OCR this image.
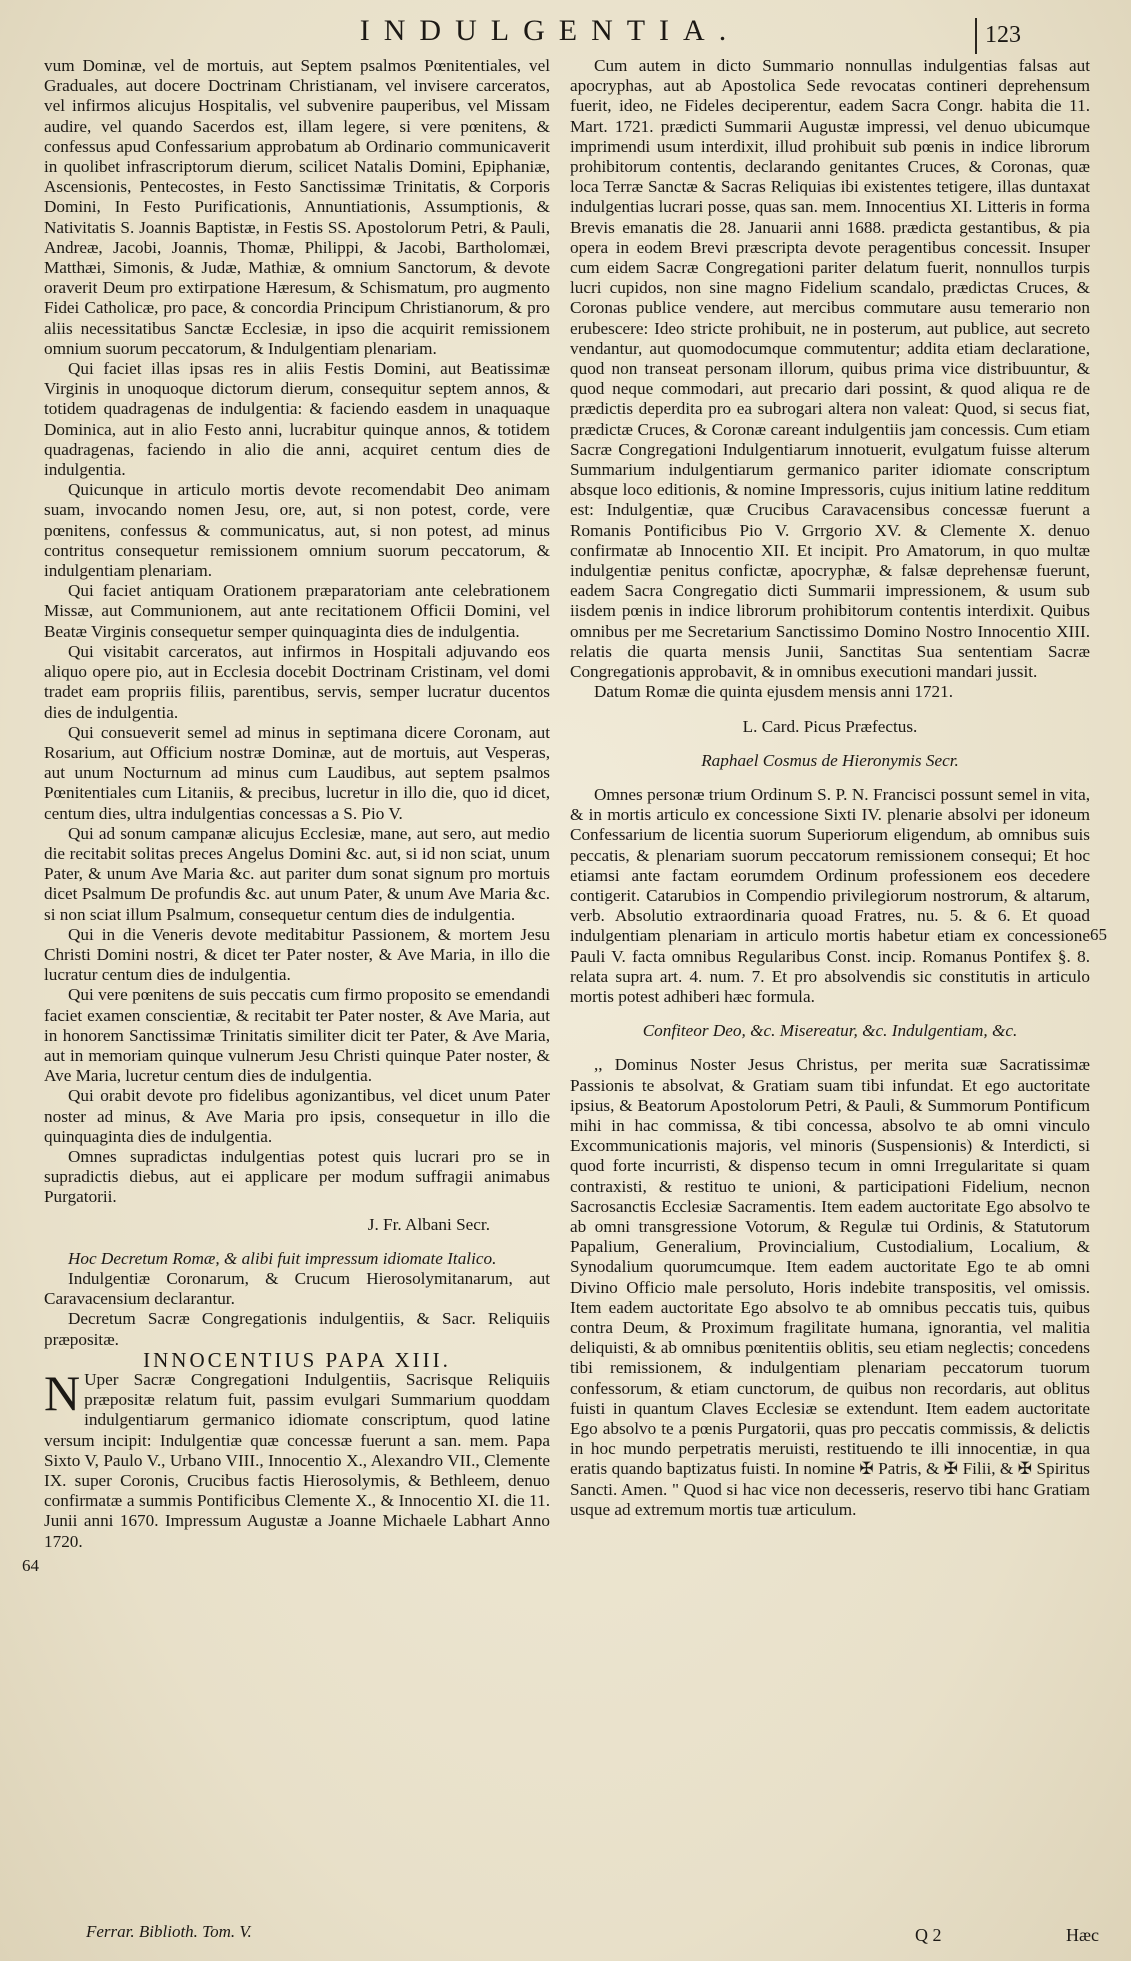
INDULGENTIA.	123

vum Dominæ, vel de mortuis, aut Septem psalmos Pœnitentiales, vel Graduales, aut docere Doctrinam Christianam, vel invisere carceratos, vel infirmos alicujus Hospitalis, vel subvenire pauperibus, vel Missam audire, vel quando Sacerdos est, illam legere, si vere pœnitens, & confessus apud Confessarium approbatum ab Ordinario communicaverit in quolibet infrascriptorum dierum, scilicet Natalis Domini, Epiphaniæ, Ascensionis, Pentecostes, in Festo Sanctissimæ Trinitatis, & Corporis Domini, In Festo Purificationis, Annuntiationis, Assumptionis, & Nativitatis S. Joannis Baptistæ, in Festis SS. Apostolorum Petri, & Pauli, Andreæ, Jacobi, Joannis, Thomæ, Philippi, & Jacobi, Bartholomæi, Matthæi, Simonis, & Judæ, Mathiæ, & omnium Sanctorum, & devote oraverit Deum pro extirpatione Hæresum, & Schismatum, pro augmento Fidei Catholicæ, pro pace, & concordia Principum Christianorum, & pro aliis necessitatibus Sanctæ Ecclesiæ, in ipso die acquirit remissionem omnium suorum peccatorum, & Indulgentiam plenariam.

Qui faciet illas ipsas res in aliis Festis Domini, aut Beatissimæ Virginis in unoquoque dictorum dierum, consequitur septem annos, & totidem quadragenas de indulgentia: & faciendo easdem in unaquaque Dominica, aut in alio Festo anni, lucrabitur quinque annos, & totidem quadragenas, faciendo in alio die anni, acquiret centum dies de indulgentia.

Quicunque in articulo mortis devote recomendabit Deo animam suam, invocando nomen Jesu, ore, aut, si non potest, corde, vere pœnitens, confessus & communicatus, aut, si non potest, ad minus contritus consequetur remissionem omnium suorum peccatorum, & indulgentiam plenariam.

Qui faciet antiquam Orationem præparatoriam ante celebrationem Missæ, aut Communionem, aut ante recitationem Officii Domini, vel Beatæ Virginis consequetur semper quinquaginta dies de indulgentia.

Qui visitabit carceratos, aut infirmos in Hospitali adjuvando eos aliquo opere pio, aut in Ecclesia docebit Doctrinam Cristinam, vel domi tradet eam propriis filiis, parentibus, servis, semper lucratur ducentos dies de indulgentia.

Qui consueverit semel ad minus in septimana dicere Coronam, aut Rosarium, aut Officium nostræ Dominæ, aut de mortuis, aut Vesperas, aut unum Nocturnum ad minus cum Laudibus, aut septem psalmos Pœnitentiales cum Litaniis, & precibus, lucretur in illo die, quo id dicet, centum dies, ultra indulgentias concessas a S. Pio V.

Qui ad sonum campanæ alicujus Ecclesiæ, mane, aut sero, aut medio die recitabit solitas preces Angelus Domini &c. aut, si id non sciat, unum Pater, & unum Ave Maria &c. aut pariter dum sonat signum pro mortuis dicet Psalmum De profundis &c. aut unum Pater, & unum Ave Maria &c. si non sciat illum Psalmum, consequetur centum dies de indulgentia.

Qui in die Veneris devote meditabitur Passionem, & mortem Jesu Christi Domini nostri, & dicet ter Pater noster, & Ave Maria, in illo die lucratur centum dies de indulgentia.

Qui vere pœnitens de suis peccatis cum firmo proposito se emendandi faciet examen conscientiæ, & recitabit ter Pater noster, & Ave Maria, aut in honorem Sanctissimæ Trinitatis similiter dicit ter Pater, & Ave Maria, aut in memoriam quinque vulnerum Jesu Christi quinque Pater noster, & Ave Maria, lucretur centum dies de indulgentia.

Qui orabit devote pro fidelibus agonizantibus, vel dicet unum Pater noster ad minus, & Ave Maria pro ipsis, consequetur in illo die quinquaginta dies de indulgentia.

Omnes supradictas indulgentias potest quis lucrari pro se in supradictis diebus, aut ei applicare per modum suffragii animabus Purgatorii.

J. Fr. Albani Secr.

Hoc Decretum Romæ, & alibi fuit impressum idiomate Italico.

Indulgentiæ Coronarum, & Crucum Hierosolymitanarum, aut Caravacensium declarantur.

Decretum Sacræ Congregationis indulgentiis, & Sacr. Reliquiis præpositæ.

INNOCENTIUS PAPA XIII.

N Uper Sacræ Congregationi Indulgentiis, Sacrisque Reliquiis præpositæ relatum fuit, passim evulgari Summarium quoddam indulgentiarum germanico idiomate conscriptum, quod latine versum incipit: Indulgentiæ quæ concessæ fuerunt a san. mem. Papa Sixto V, Paulo V., Urbano VIII., Innocentio X., Alexandro VII., Clemente IX. super Coronis, Crucibus factis Hierosolymis, & Bethleem, denuo confirmatæ a summis Pontificibus Clemente X., & Innocentio XI. die 11. Junii anni 1670. Impressum Augustæ a Joanne Michaele Labhart Anno 1720.

64
Ferrar. Biblioth. Tom. V.

Cum autem in dicto Summario nonnullas indulgentias falsas aut apocryphas, aut ab Apostolica Sede revocatas contineri deprehensum fuerit, ideo, ne Fideles deciperentur, eadem Sacra Congr. habita die 11. Mart. 1721. prædicti Summarii Augustæ impressi, vel denuo ubicumque imprimendi usum interdixit, illud prohibuit sub pœnis in indice librorum prohibitorum contentis, declarando genitantes Cruces, & Coronas, quæ loca Terræ Sanctæ & Sacras Reliquias ibi existentes tetigere, illas duntaxat indulgentias lucrari posse, quas san. mem. Innocentius XI. Litteris in forma Brevis emanatis die 28. Januarii anni 1688. prædicta gestantibus, & pia opera in eodem Brevi præscripta devote peragentibus concessit. Insuper cum eidem Sacræ Congregationi pariter delatum fuerit, nonnullos turpis lucri cupidos, non sine magno Fidelium scandalo, prædictas Cruces, & Coronas publice vendere, aut mercibus commutare ausu temerario non erubescere: Ideo stricte prohibuit, ne in posterum, aut publice, aut secreto vendantur, aut quomodocumque commutentur; addita etiam declaratione, quod non transeat personam illorum, quibus prima vice distribuuntur, & quod neque commodari, aut precario dari possint, & quod aliqua re de prædictis deperdita pro ea subrogari altera non valeat: Quod, si secus fiat, prædictæ Cruces, & Coronæ careant indulgentiis jam concessis. Cum etiam Sacræ Congregationi Indulgentiarum innotuerit, evulgatum fuisse alterum Summarium indulgentiarum germanico pariter idiomate conscriptum absque loco editionis, & nomine Impressoris, cujus initium latine redditum est: Indulgentiæ, quæ Crucibus Caravacensibus concessæ fuerunt a Romanis Pontificibus Pio V. Grrgorio XV. & Clemente X. denuo confirmatæ ab Innocentio XII. Et incipit. Pro Amatorum, in quo multæ indulgentiæ penitus confictæ, apocryphæ, & falsæ deprehensæ fuerunt, eadem Sacra Congregatio dicti Summarii impressionem, & usum sub iisdem pœnis in indice librorum prohibitorum contentis interdixit. Quibus omnibus per me Secretarium Sanctissimo Domino Nostro Innocentio XIII. relatis die quarta mensis Junii, Sanctitas Sua sententiam Sacræ Congregationis approbavit, & in omnibus executioni mandari jussit.

Datum Romæ die quinta ejusdem mensis anni 1721.

L. Card. Picus Præfectus.

Raphael Cosmus de Hieronymis Secr.

Omnes personæ trium Ordinum S. P. N. Francisci possunt semel in vita, & in mortis articulo ex concessione Sixti IV. plenarie absolvi per idoneum Confessarium de licentia suorum Superiorum eligendum, ab omnibus suis peccatis, & plenariam suorum peccatorum remissionem consequi; Et hoc etiamsi ante factam eorumdem Ordinum professionem eos decedere contigerit. Catarubios in Compendio privilegiorum nostrorum, & altarum, verb. Absolutio extraordinaria quoad Fratres, nu. 5. & 6. Et quoad indulgentiam plenariam in articulo mortis habetur etiam ex concessione Pauli V. facta omnibus Regularibus Const. incip. Romanus Pontifex §. 8. relata supra art. 4. num. 7. Et pro absolvendis sic constitutis in articulo mortis potest adhiberi hæc formula.

Confiteor Deo, &c. Misereatur, &c. Indulgentiam, &c.

,, Dominus Noster Jesus Christus, per merita suæ Sacratissimæ Passionis te absolvat, & Gratiam suam tibi infundat. Et ego auctoritate ipsius, & Beatorum Apostolorum Petri, & Pauli, & Summorum Pontificum mihi in hac commissa, & tibi concessa, absolvo te ab omni vinculo Excommunicationis majoris, vel minoris (Suspensionis) & Interdicti, si quod forte incurristi, & dispenso tecum in omni Irregularitate si quam contraxisti, & restituo te unioni, & participationi Fidelium, necnon Sacrosanctis Ecclesiæ Sacramentis. Item eadem auctoritate Ego absolvo te ab omni transgressione Votorum, & Regulæ tui Ordinis, & Statutorum Papalium, Generalium, Provincialium, Custodialium, Localium, & Synodalium quorumcumque. Item eadem auctoritate Ego te ab omni Divino Officio male persoluto, Horis indebite transpositis, vel omissis. Item eadem auctoritate Ego absolvo te ab omnibus peccatis tuis, quibus contra Deum, & Proximum fragilitate humana, ignorantia, vel malitia deliquisti, & ab omnibus pœnitentiis oblitis, seu etiam neglectis; concedens tibi remissionem, & indulgentiam plenariam peccatorum tuorum confessorum, & etiam cunctorum, de quibus non recordaris, aut oblitus fuisti in quantum Claves Ecclesiæ se extendunt. Item eadem auctoritate Ego absolvo te a pœnis Purgatorii, quas pro peccatis commissis, & delictis in hoc mundo perpetratis meruisti, restituendo te illi innocentiæ, in qua eratis quando baptizatus fuisti. In nomine ✠ Patris, & ✠ Filii, & ✠ Spiritus Sancti. Amen. " Quod si hac vice non decesseris, reservo tibi hanc Gratiam usque ad extremum mortis tuæ articulum.

65
Q 2	Hæc
